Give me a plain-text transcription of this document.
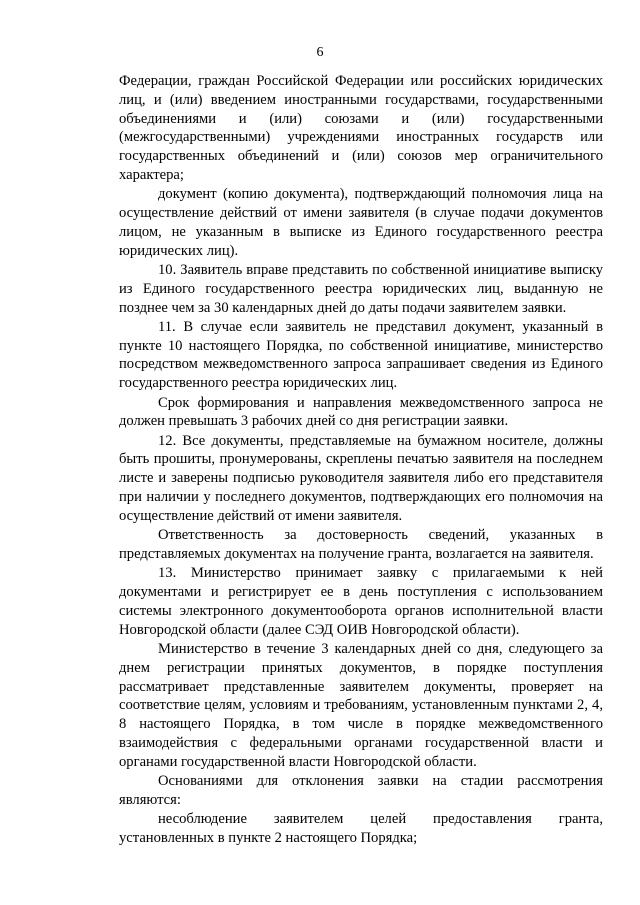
6

Федерации, граждан Российской Федерации или российских юридических лиц, и (или) введением иностранными государствами, государственными объединениями и (или) союзами и (или) государственными (межгосударственными) учреждениями иностранных государств или государственных объединений и (или) союзов мер ограничительного характера;

документ (копию документа), подтверждающий полномочия лица на осуществление действий от имени заявителя (в случае подачи документов лицом, не указанным в выписке из Единого государственного реестра юридических лиц).

10. Заявитель вправе представить по собственной инициативе выписку из Единого государственного реестра юридических лиц, выданную не позднее чем за 30 календарных дней до даты подачи заявителем заявки.

11. В случае если заявитель не представил документ, указанный в пункте 10 настоящего Порядка, по собственной инициативе, министерство посредством межведомственного запроса запрашивает сведения из Единого государственного реестра юридических лиц.

Срок формирования и направления межведомственного запроса не должен превышать 3 рабочих дней со дня регистрации заявки.

12. Все документы, представляемые на бумажном носителе, должны быть прошиты, пронумерованы, скреплены печатью заявителя на последнем листе и заверены подписью руководителя заявителя либо его представителя при наличии у последнего документов, подтверждающих его полномочия на осуществление действий от имени заявителя.

Ответственность за достоверность сведений, указанных в представляемых документах на получение гранта, возлагается на заявителя.

13. Министерство принимает заявку с прилагаемыми к ней документами и регистрирует ее в день поступления с использованием системы электронного документооборота органов исполнительной власти Новгородской области (далее СЭД ОИВ Новгородской области).

Министерство в течение 3 календарных дней со дня, следующего за днем регистрации принятых документов, в порядке поступления рассматривает представленные заявителем документы, проверяет на соответствие целям, условиям и требованиям, установленным пунктами 2, 4, 8 настоящего Порядка, в том числе в порядке межведомственного взаимодействия с федеральными органами государственной власти и органами государственной власти Новгородской области.

Основаниями для отклонения заявки на стадии рассмотрения являются:

несоблюдение заявителем целей предоставления гранта, установленных в пункте 2 настоящего Порядка;
